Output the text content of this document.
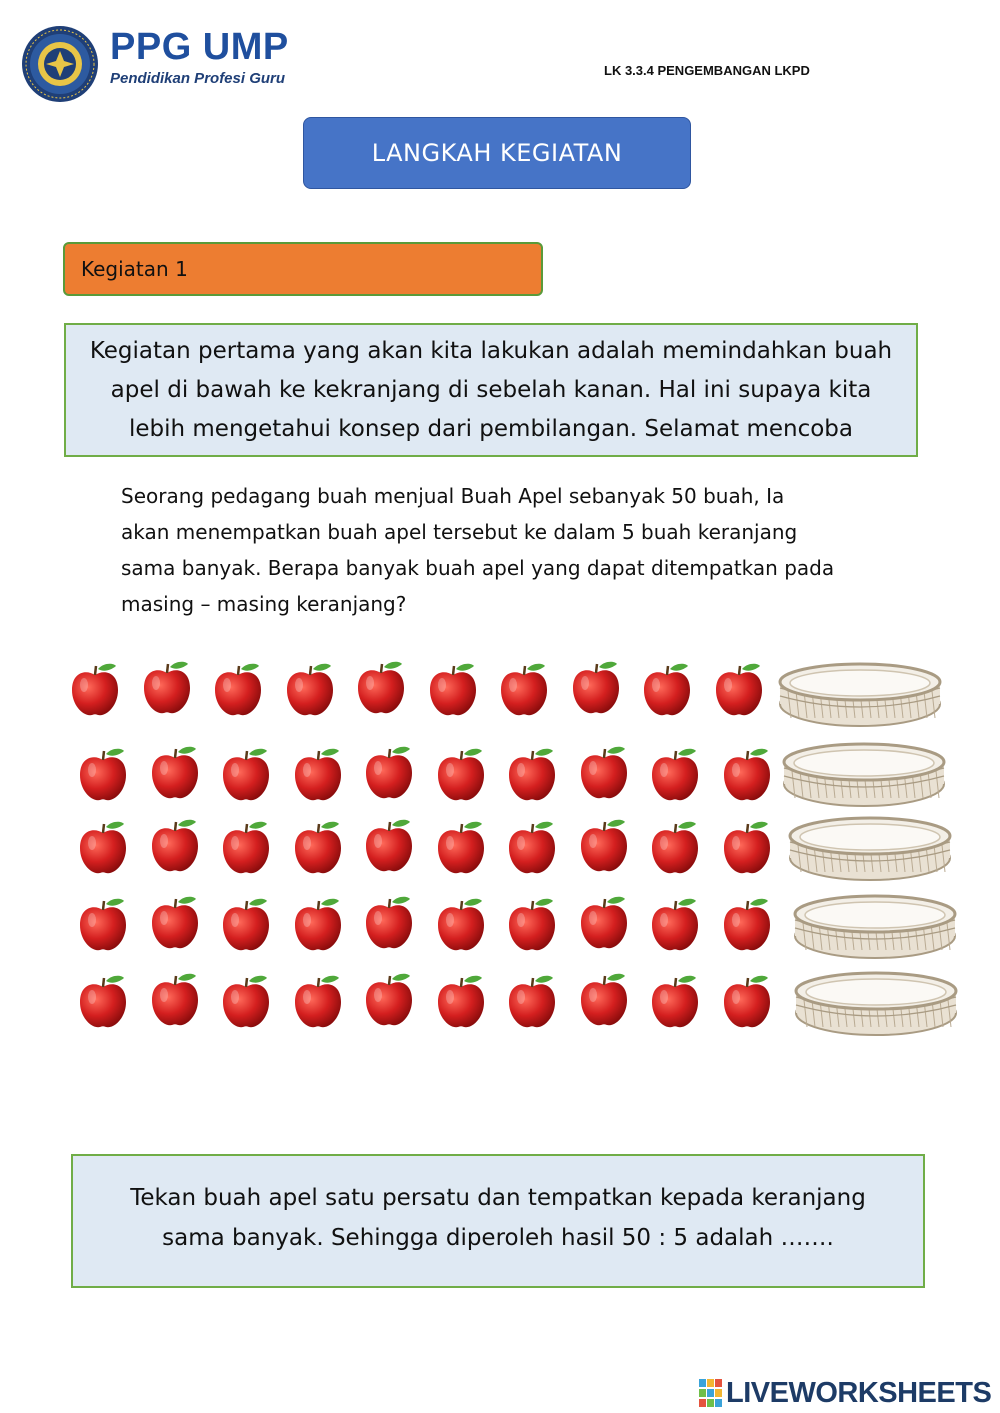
PPG UMP
Pendidikan Profesi Guru	LK 3.3.4 PENGEMBANGAN LKPD
LANGKAH KEGIATAN
Kegiatan 1
Kegiatan pertama yang akan kita lakukan adalah memindahkan buah apel di bawah ke kekranjang di sebelah kanan. Hal ini supaya kita lebih mengetahui konsep dari pembilangan. Selamat mencoba
Seorang pedagang buah menjual Buah Apel sebanyak 50 buah, Ia
akan menempatkan buah apel tersebut ke dalam 5 buah keranjang
sama banyak. Berapa banyak buah apel yang dapat ditempatkan pada
masing – masing keranjang?
Tekan buah apel satu persatu dan tempatkan kepada keranjang
sama banyak. Sehingga diperoleh hasil 50 : 5 adalah …….
LIVEWORKSHEETS
